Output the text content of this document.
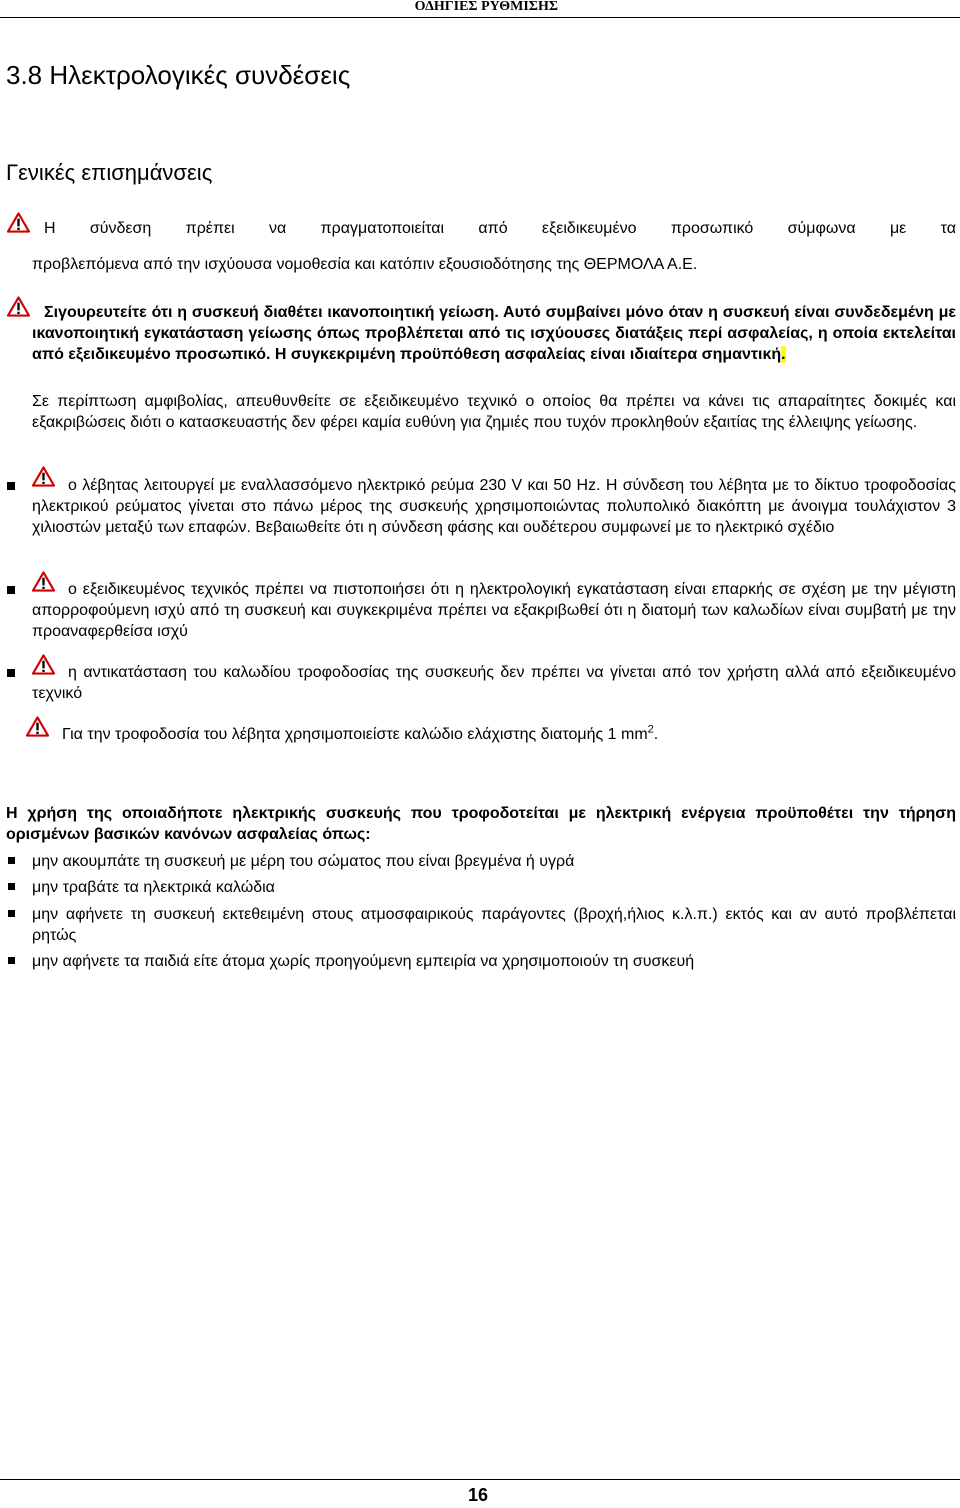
ΟΔΗΓΙΕΣ ΡΥΘΜΙΣΗΣ
3.8 Ηλεκτρολογικές συνδέσεις
Γενικές επισημάνσεις
Η σύνδεση πρέπει να πραγματοποιείται από εξειδικευμένο προσωπικό σύμφωνα με τα
προβλεπόμενα από την ισχύουσα νομοθεσία και κατόπιν εξουσιοδότησης της ΘΕΡΜΟΛΑ Α.Ε.
Σιγουρευτείτε ότι η συσκευή διαθέτει ικανοποιητική γείωση. Αυτό συμβαίνει μόνο όταν η συσκευή είναι συνδεδεμένη με ικανοποιητική εγκατάσταση γείωσης όπως προβλέπεται από τις ισχύουσες διατάξεις περί ασφαλείας, η οποία εκτελείται από εξειδικευμένο προσωπικό. Η συγκεκριμένη προϋπόθεση ασφαλείας είναι ιδιαίτερα σημαντική.
Σε περίπτωση αμφιβολίας, απευθυνθείτε σε εξειδικευμένο τεχνικό ο οποίος θα πρέπει να κάνει τις απαραίτητες δοκιμές και εξακριβώσεις διότι ο κατασκευαστής δεν φέρει καμία ευθύνη για ζημιές που τυχόν προκληθούν εξαιτίας της έλλειψης γείωσης.
ο λέβητας λειτουργεί με εναλλασσόμενο ηλεκτρικό ρεύμα 230 V και 50 Hz. Η σύνδεση του λέβητα με το δίκτυο τροφοδοσίας ηλεκτρικού ρεύματος γίνεται στο πάνω μέρος της συσκευής χρησιμοποιώντας πολυπολικό διακόπτη με άνοιγμα τουλάχιστον 3 χιλιοστών μεταξύ των επαφών. Βεβαιωθείτε ότι η σύνδεση φάσης και ουδέτερου συμφωνεί με το ηλεκτρικό σχέδιο
ο εξειδικευμένος τεχνικός πρέπει να πιστοποιήσει ότι η ηλεκτρολογική εγκατάσταση είναι επαρκής σε σχέση με την μέγιστη απορροφούμενη ισχύ από τη συσκευή και συγκεκριμένα πρέπει να εξακριβωθεί ότι η διατομή των καλωδίων είναι συμβατή με την προαναφερθείσα ισχύ
η αντικατάσταση του καλωδίου τροφοδοσίας της συσκευής δεν πρέπει να γίνεται από τον χρήστη αλλά από εξειδικευμένο τεχνικό
Για την τροφοδοσία του λέβητα χρησιμοποιείστε καλώδιο ελάχιστης διατομής 1 $mm^2$.
Η χρήση της οποιαδήποτε ηλεκτρικής συσκευής που τροφοδοτείται με ηλεκτρική ενέργεια προϋποθέτει την τήρηση ορισμένων βασικών κανόνων ασφαλείας όπως:
μην ακουμπάτε τη συσκευή με μέρη του σώματος που είναι βρεγμένα ή υγρά
μην τραβάτε τα ηλεκτρικά καλώδια
μην αφήνετε τη συσκευή εκτεθειμένη στους ατμοσφαιρικούς παράγοντες (βροχή,ήλιος κ.λ.π.) εκτός και αν αυτό προβλέπεται ρητώς
μην αφήνετε τα παιδιά είτε άτομα χωρίς προηγούμενη εμπειρία να χρησιμοποιούν τη συσκευή
16
